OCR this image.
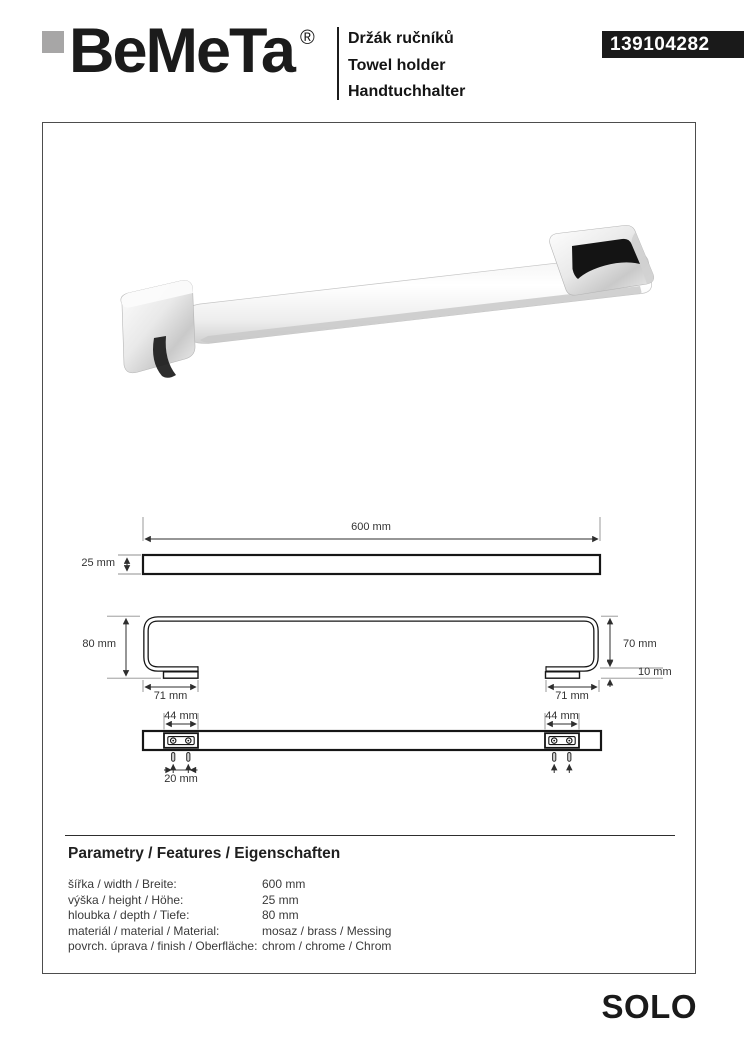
BeMeTa ® Držák ručníků
Towel holder
Handtuchhalter
139104282
600 mm
25 mm
80 mm	70 mm
10 mm
71 mm	71 mm
44 mm	44 mm
20 mm
Parametry / Features / Eigenschaften
šířka / width / Breite:	600 mm
výška / height / Höhe:	25 mm
hloubka / depth / Tiefe:	80 mm
materiál / material / Material:	mosaz / brass / Messing
povrch. úprava / finish / Oberfläche: chrom / chrome / Chrom
SOLO
